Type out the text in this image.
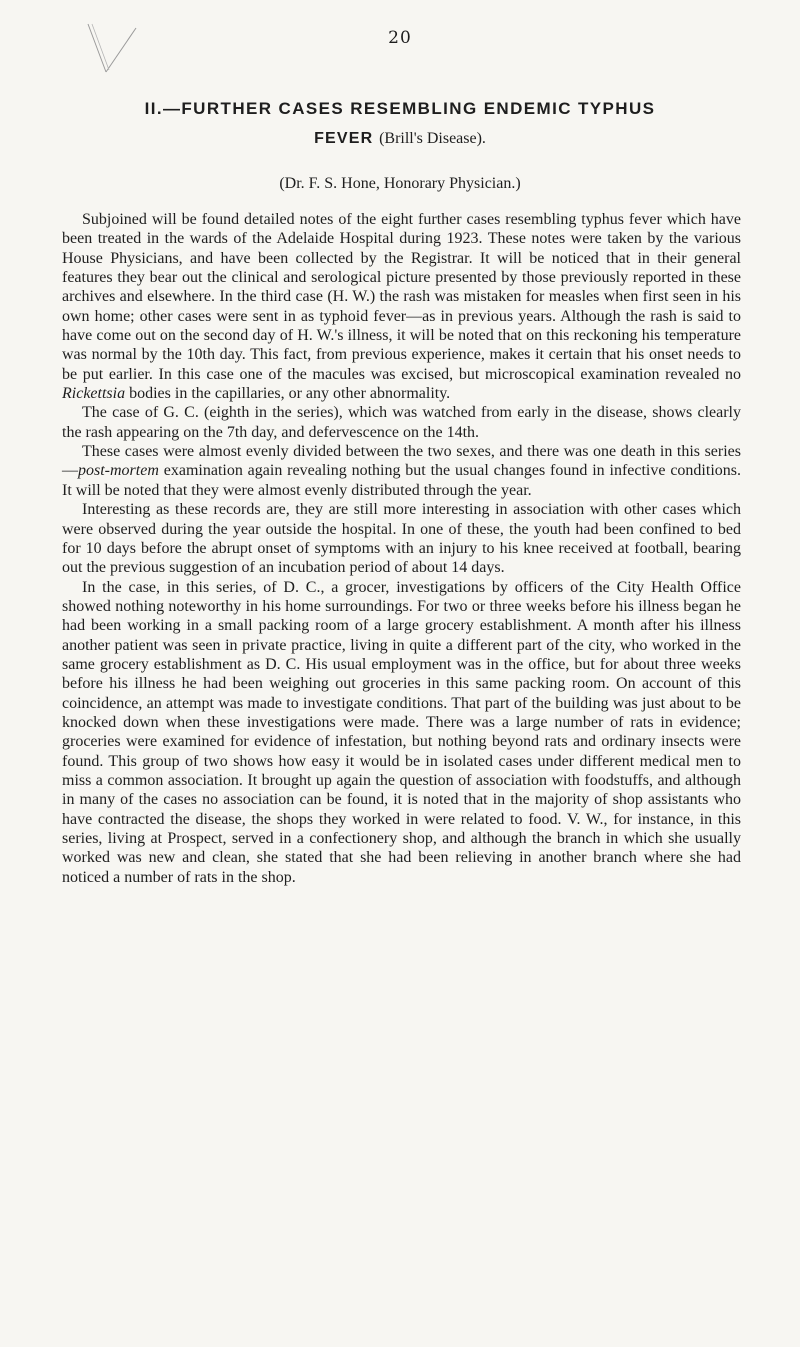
20
II.—FURTHER CASES RESEMBLING ENDEMIC TYPHUS
FEVER (Brill's Disease).
(Dr. F. S. Hone, Honorary Physician.)

Subjoined will be found detailed notes of the eight further cases resembling typhus fever which have been treated in the wards of the Adelaide Hospital during 1923. These notes were taken by the various House Physicians, and have been collected by the Registrar. It will be noticed that in their general features they bear out the clinical and serological picture presented by those previously reported in these archives and elsewhere. In the third case (H. W.) the rash was mistaken for measles when first seen in his own home; other cases were sent in as typhoid fever—as in previous years. Although the rash is said to have come out on the second day of H. W.'s illness, it will be noted that on this reckoning his temperature was normal by the 10th day. This fact, from previous experience, makes it certain that his onset needs to be put earlier. In this case one of the macules was excised, but microscopical examination revealed no Rickettsia bodies in the capillaries, or any other abnormality.

The case of G. C. (eighth in the series), which was watched from early in the disease, shows clearly the rash appearing on the 7th day, and defervescence on the 14th.

These cases were almost evenly divided between the two sexes, and there was one death in this series—post-mortem examination again revealing nothing but the usual changes found in infective conditions. It will be noted that they were almost evenly distributed through the year.

Interesting as these records are, they are still more interesting in association with other cases which were observed during the year outside the hospital. In one of these, the youth had been confined to bed for 10 days before the abrupt onset of symptoms with an injury to his knee received at football, bearing out the previous suggestion of an incubation period of about 14 days.

In the case, in this series, of D. C., a grocer, investigations by officers of the City Health Office showed nothing noteworthy in his home surroundings. For two or three weeks before his illness began he had been working in a small packing room of a large grocery establishment. A month after his illness another patient was seen in private practice, living in quite a different part of the city, who worked in the same grocery establishment as D. C. His usual employment was in the office, but for about three weeks before his illness he had been weighing out groceries in this same packing room. On account of this coincidence, an attempt was made to investigate conditions. That part of the building was just about to be knocked down when these investigations were made. There was a large number of rats in evidence; groceries were examined for evidence of infestation, but nothing beyond rats and ordinary insects were found. This group of two shows how easy it would be in isolated cases under different medical men to miss a common association. It brought up again the question of association with foodstuffs, and although in many of the cases no association can be found, it is noted that in the majority of shop assistants who have contracted the disease, the shops they worked in were related to food. V. W., for instance, in this series, living at Prospect, served in a confectionery shop, and although the branch in which she usually worked was new and clean, she stated that she had been relieving in another branch where she had noticed a number of rats in the shop.
